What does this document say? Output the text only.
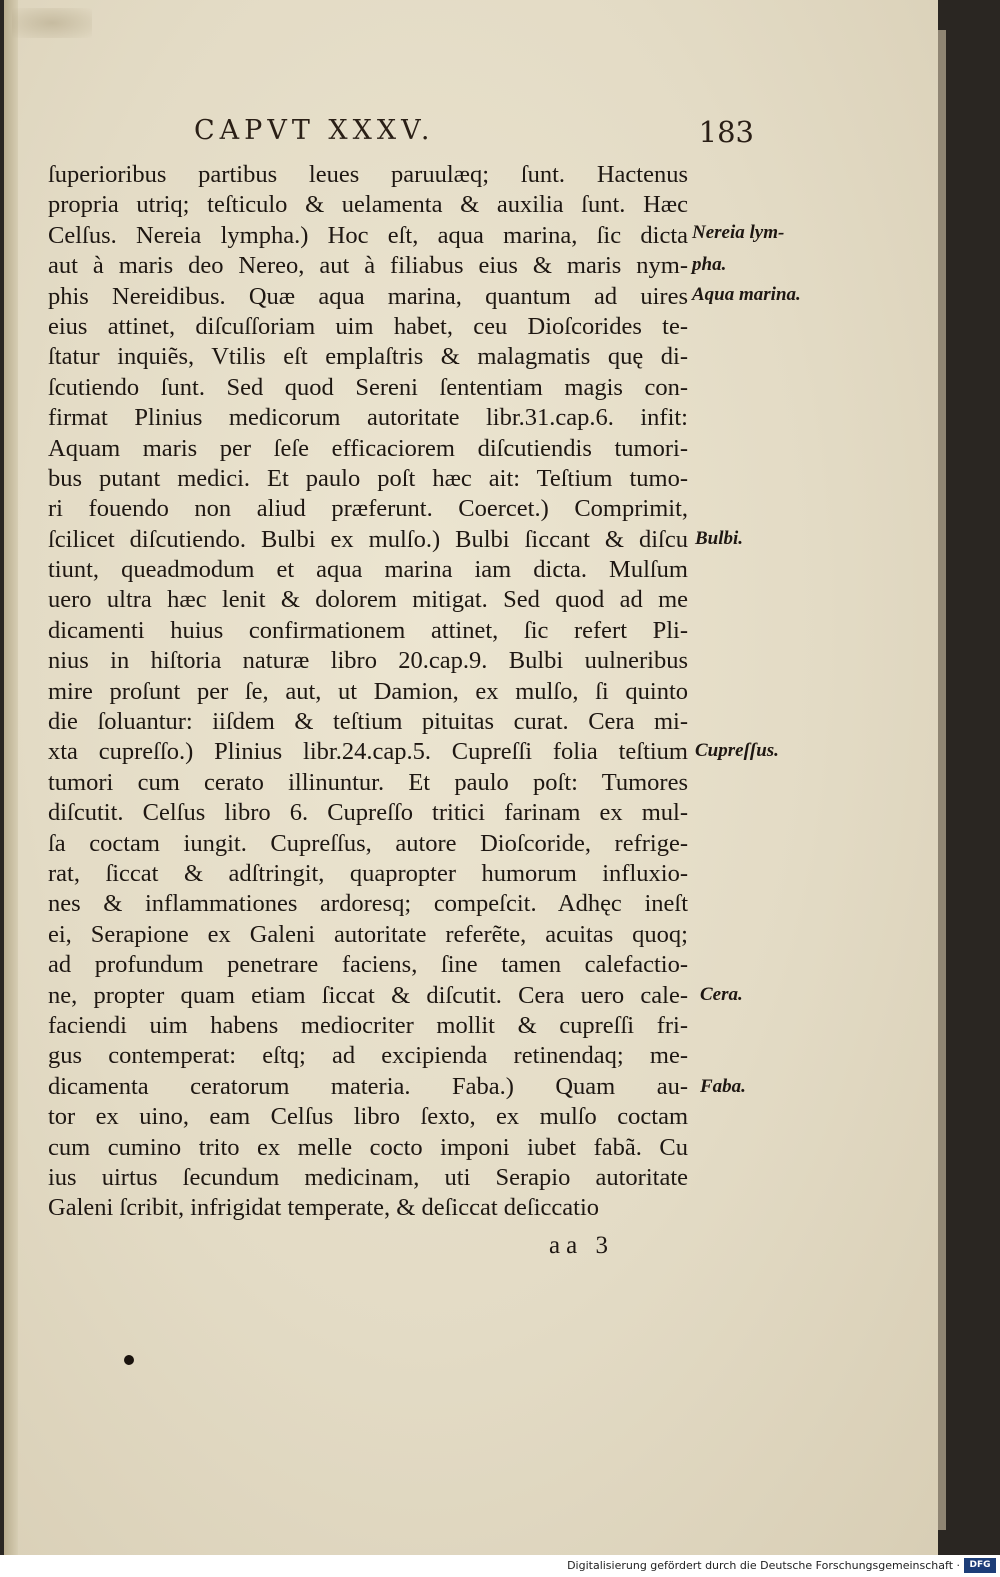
CAPVT XXXV.	183
ſuperioribus partibus leues paruulæq; ſunt. Hactenus
propria utriq; teſticulo & uelamenta & auxilia ſunt. Hæc
Celſus. Nereia lympha.) Hoc eſt, aqua marina, ſic dicta
aut à maris deo Nereo, aut à filiabus eius & maris nym-
phis Nereidibus. Quæ aqua marina, quantum ad uires
eius attinet, diſcuſſoriam uim habet, ceu Dioſcorides te-
ſtatur inquiẽs, Vtilis eſt emplaſtris & malagmatis quę di-
ſcutiendo ſunt. Sed quod Sereni ſententiam magis con-
firmat Plinius medicorum autoritate libr.31.cap.6. infit:
Aquam maris per ſeſe efficaciorem diſcutiendis tumori-
bus putant medici. Et paulo poſt hæc ait: Teſtium tumo-
ri fouendo non aliud præferunt. Coercet.) Comprimit,
ſcilicet diſcutiendo. Bulbi ex mulſo.) Bulbi ſiccant & diſcu
tiunt, queadmodum et aqua marina iam dicta. Mulſum
uero ultra hæc lenit & dolorem mitigat. Sed quod ad me
dicamenti huius confirmationem attinet, ſic refert Pli-
nius in hiſtoria naturæ libro 20.cap.9. Bulbi uulneribus
mire proſunt per ſe, aut, ut Damion, ex mulſo, ſi quinto
die ſoluantur: iiſdem & teſtium pituitas curat. Cera mi-
xta cupreſſo.) Plinius libr.24.cap.5. Cupreſſi folia teſtium
tumori cum cerato illinuntur. Et paulo poſt: Tumores
diſcutit. Celſus libro 6. Cupreſſo tritici farinam ex mul-
ſa coctam iungit. Cupreſſus, autore Dioſcoride, refrige-
rat, ſiccat & adſtringit, quapropter humorum influxio-
nes & inflammationes ardoresq; compeſcit. Adhęc ineſt
ei, Serapione ex Galeni autoritate referẽte, acuitas quoq;
ad profundum penetrare faciens, ſine tamen calefactio-
ne, propter quam etiam ſiccat & diſcutit. Cera uero cale-
faciendi uim habens mediocriter mollit & cupreſſi fri-
gus contemperat: eſtq; ad excipienda retinendaq; me-
dicamenta ceratorum materia. Faba.) Quam au-
tor ex uino, eam Celſus libro ſexto, ex mulſo coctam
cum cumino trito ex melle cocto imponi iubet fabã. Cu
ius uirtus ſecundum medicinam, uti Serapio autoritate
Galeni ſcribit, infrigidat temperate, & deſiccat deſiccatio
Nereia lym-
pha.
Aqua marina.
Bulbi.
Cupreſſus.
Cera.
Faba.
aa 3
Digitalisierung gefördert durch die Deutsche Forschungsgemeinschaft ·	DFG
